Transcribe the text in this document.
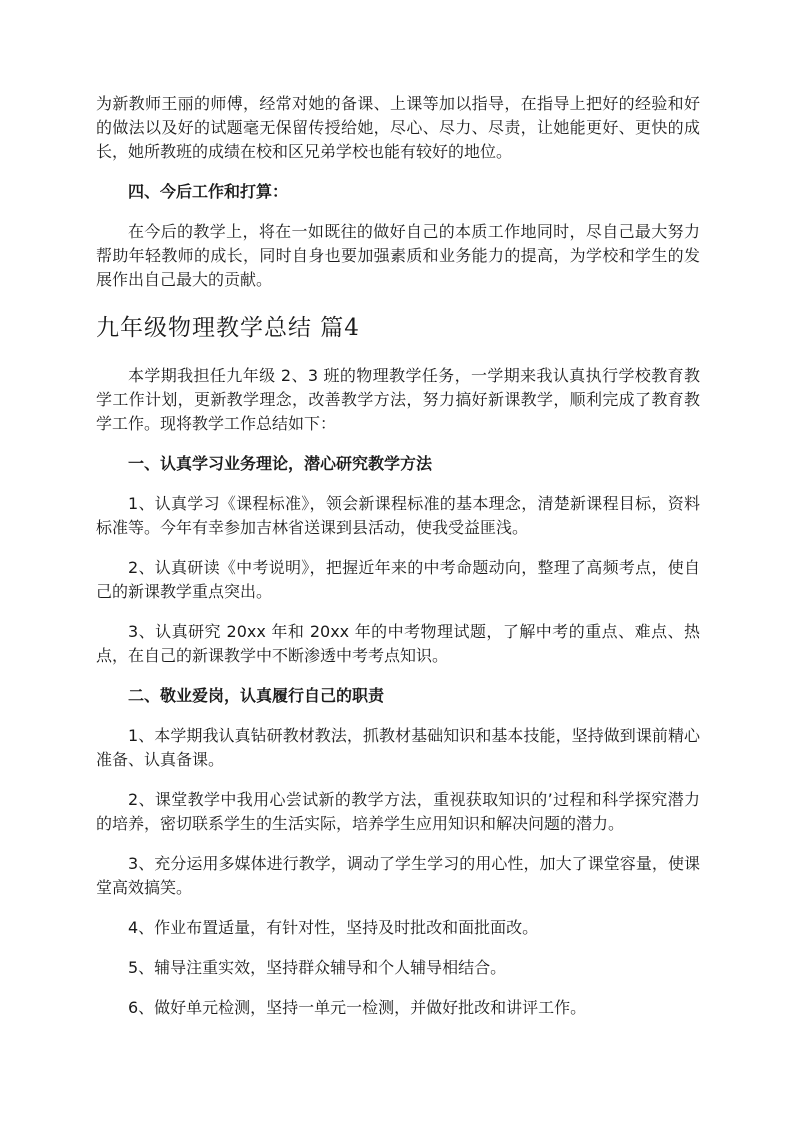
为新教师王丽的师傅，经常对她的备课、上课等加以指导，在指导上把好的经验和好的做法以及好的试题毫无保留传授给她，尽心、尽力、尽责，让她能更好、更快的成长，她所教班的成绩在校和区兄弟学校也能有较好的地位。

四、今后工作和打算：

在今后的教学上，将在一如既往的做好自己的本质工作地同时，尽自己最大努力帮助年轻教师的成长，同时自身也要加强素质和业务能力的提高，为学校和学生的发展作出自己最大的贡献。

九年级物理教学总结 篇4

本学期我担任九年级 2、3 班的物理教学任务，一学期来我认真执行学校教育教学工作计划，更新教学理念，改善教学方法，努力搞好新课教学，顺利完成了教育教学工作。现将教学工作总结如下：

一、认真学习业务理论，潜心研究教学方法

1、认真学习《课程标准》，领会新课程标准的基本理念，清楚新课程目标，资料标准等。今年有幸参加吉林省送课到县活动，使我受益匪浅。

2、认真研读《中考说明》，把握近年来的中考命题动向，整理了高频考点，使自己的新课教学重点突出。

3、认真研究 20xx 年和 20xx 年的中考物理试题，了解中考的重点、难点、热点，在自己的新课教学中不断渗透中考考点知识。

二、敬业爱岗，认真履行自己的职责

1、本学期我认真钻研教材教法，抓教材基础知识和基本技能，坚持做到课前精心准备、认真备课。

2、课堂教学中我用心尝试新的教学方法，重视获取知识的’过程和科学探究潜力的培养，密切联系学生的生活实际，培养学生应用知识和解决问题的潜力。

3、充分运用多媒体进行教学，调动了学生学习的用心性，加大了课堂容量，使课堂高效搞笑。

4、作业布置适量，有针对性，坚持及时批改和面批面改。

5、辅导注重实效，坚持群众辅导和个人辅导相结合。

6、做好单元检测，坚持一单元一检测，并做好批改和讲评工作。
